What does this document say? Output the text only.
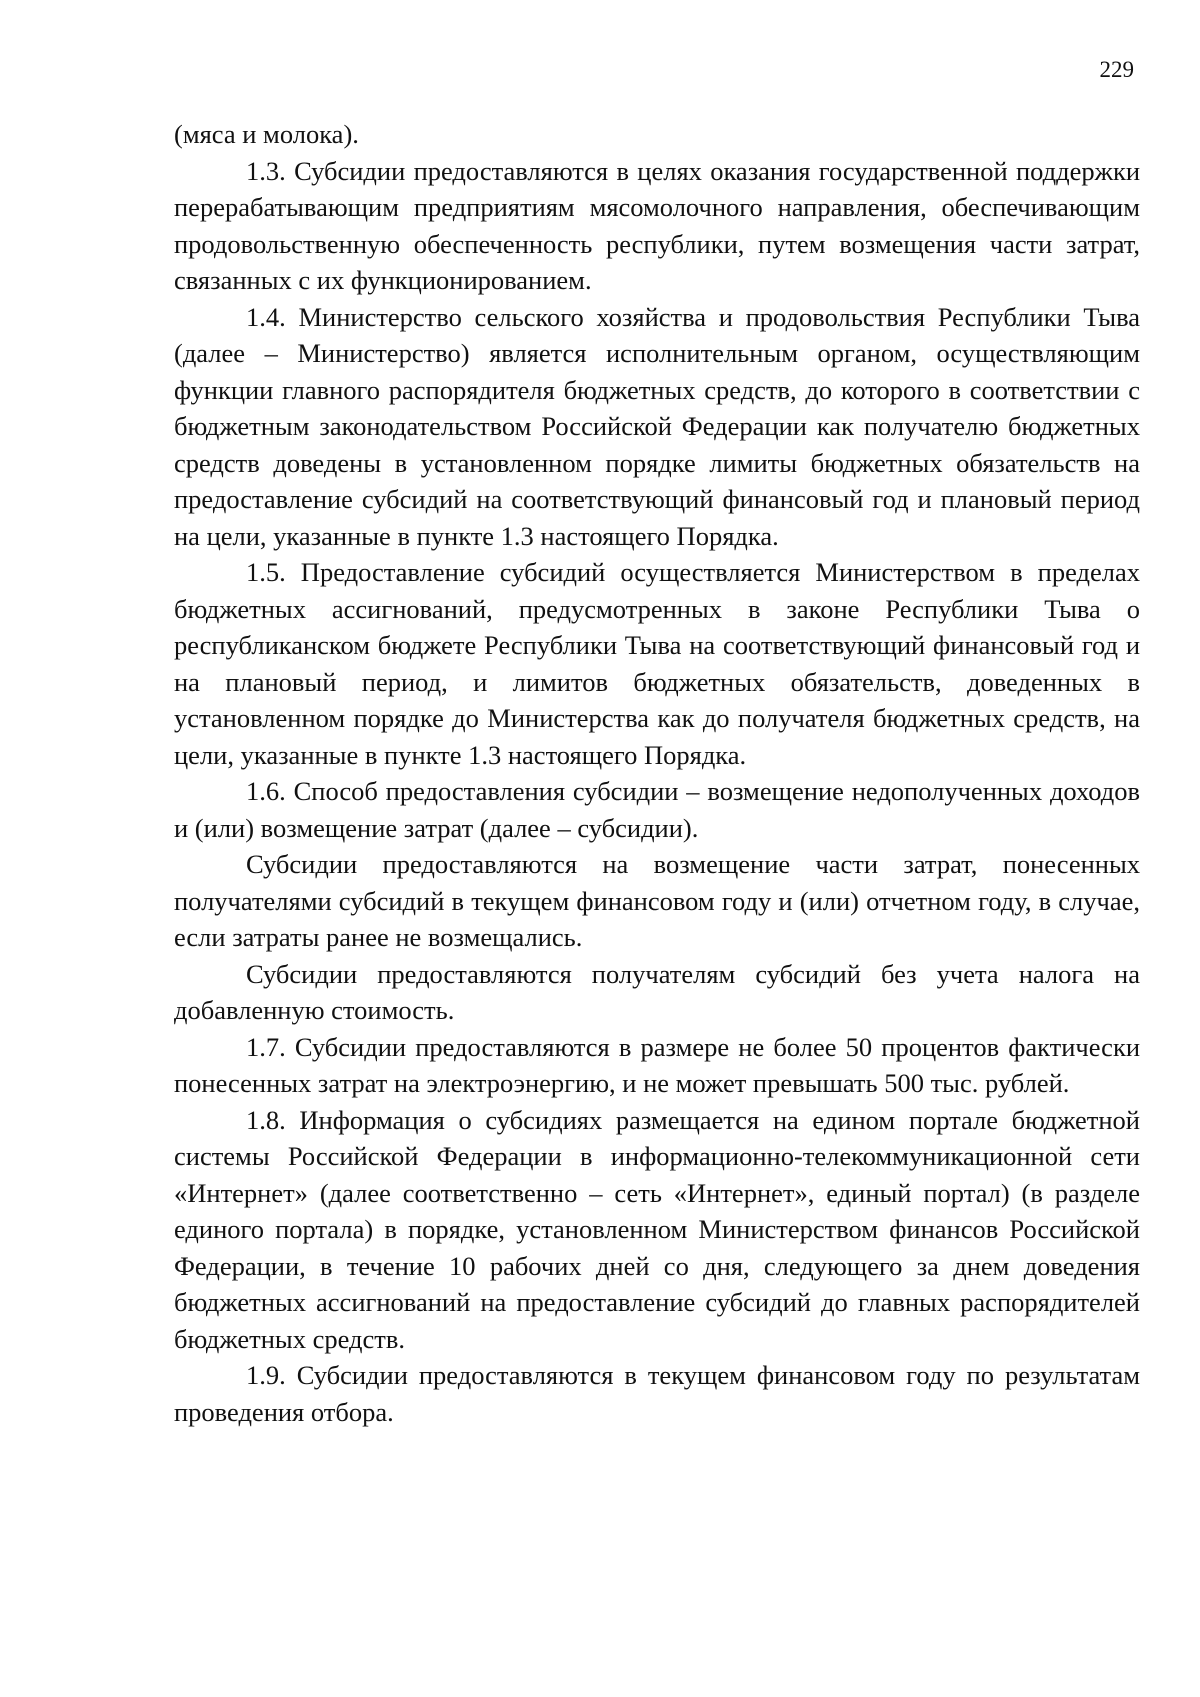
229

(мяса и молока).

1.3. Субсидии предоставляются в целях оказания государственной поддержки перерабатывающим предприятиям мясомолочного направления, обеспечивающим продовольственную обеспеченность республики, путем возмещения части затрат, связанных с их функционированием.

1.4. Министерство сельского хозяйства и продовольствия Республики Тыва (далее – Министерство) является исполнительным органом, осуществляющим функции главного распорядителя бюджетных средств, до которого в соответствии с бюджетным законодательством Российской Федерации как получателю бюджетных средств доведены в установленном порядке лимиты бюджетных обязательств на предоставление субсидий на соответствующий финансовый год и плановый период на цели, указанные в пункте 1.3 настоящего Порядка.

1.5. Предоставление субсидий осуществляется Министерством в пределах бюджетных ассигнований, предусмотренных в законе Республики Тыва о республиканском бюджете Республики Тыва на соответствующий финансовый год и на плановый период, и лимитов бюджетных обязательств, доведенных в установленном порядке до Министерства как до получателя бюджетных средств, на цели, указанные в пункте 1.3 настоящего Порядка.

1.6. Способ предоставления субсидии – возмещение недополученных доходов и (или) возмещение затрат (далее – субсидии).

Субсидии предоставляются на возмещение части затрат, понесенных получателями субсидий в текущем финансовом году и (или) отчетном году, в случае, если затраты ранее не возмещались.

Субсидии предоставляются получателям субсидий без учета налога на добавленную стоимость.

1.7. Субсидии предоставляются в размере не более 50 процентов фактически понесенных затрат на электроэнергию, и не может превышать 500 тыс. рублей.

1.8. Информация о субсидиях размещается на едином портале бюджетной системы Российской Федерации в информационно-телекоммуникационной сети «Интернет» (далее соответственно – сеть «Интернет», единый портал) (в разделе единого портала) в порядке, установленном Министерством финансов Российской Федерации, в течение 10 рабочих дней со дня, следующего за днем доведения бюджетных ассигнований на предоставление субсидий до главных распорядителей бюджетных средств.

1.9. Субсидии предоставляются в текущем финансовом году по результатам проведения отбора.
